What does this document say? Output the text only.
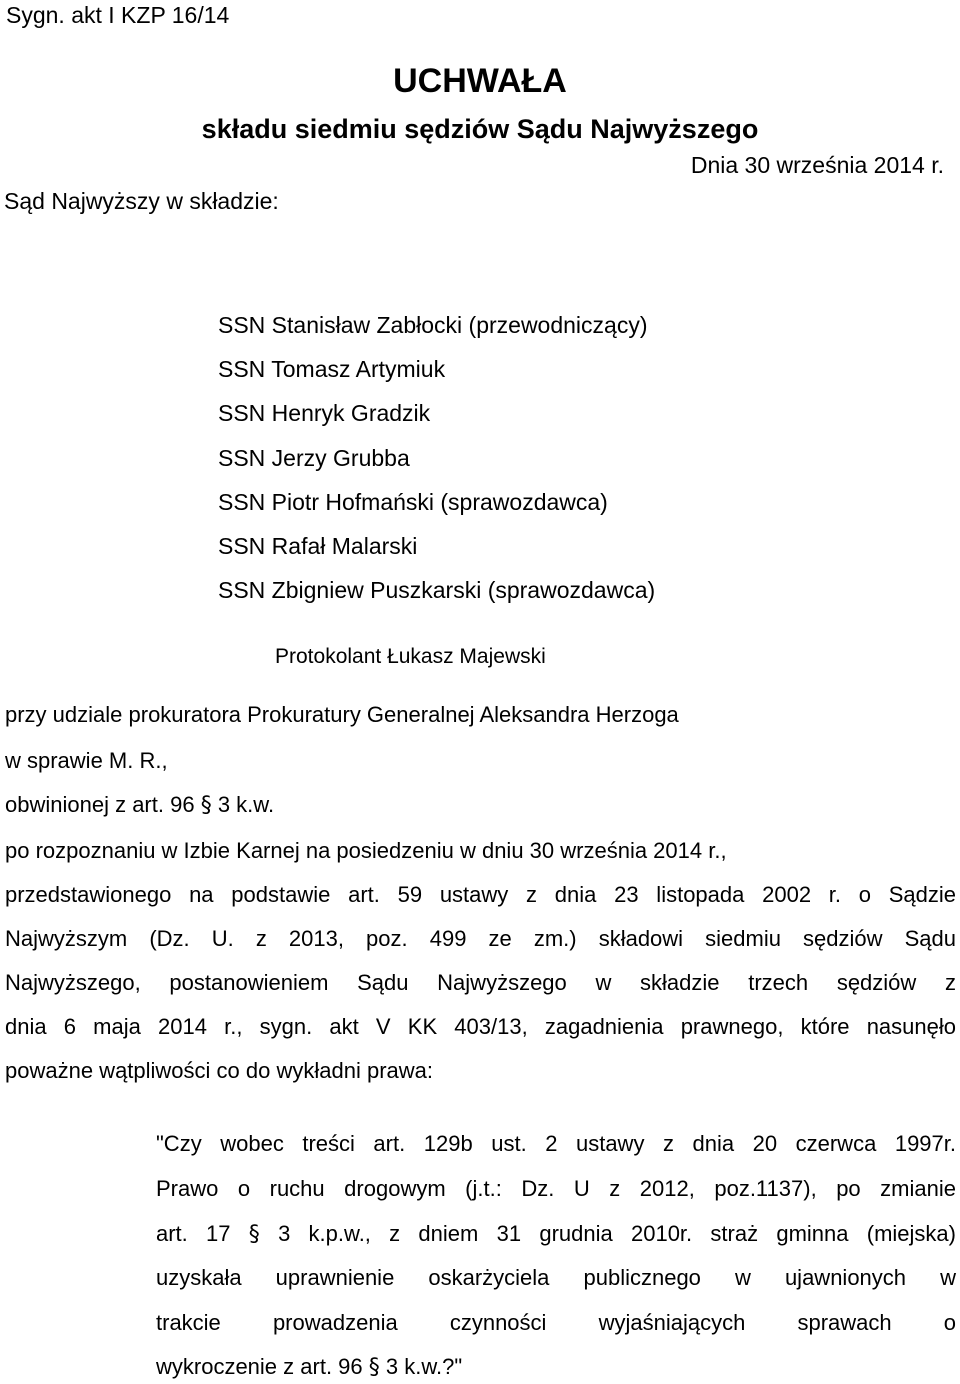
Sygn. akt I KZP 16/14
UCHWAŁA
składu siedmiu sędziów Sądu Najwyższego
Dnia 30 września 2014 r.
Sąd Najwyższy w składzie:
SSN Stanisław Zabłocki (przewodniczący)
SSN Tomasz Artymiuk
SSN Henryk Gradzik
SSN Jerzy Grubba
SSN Piotr Hofmański (sprawozdawca)
SSN Rafał Malarski
SSN Zbigniew Puszkarski (sprawozdawca)
Protokolant Łukasz Majewski
przy udziale prokuratora Prokuratury Generalnej Aleksandra Herzoga
w sprawie M. R.,
obwinionej z art. 96 § 3 k.w.
po rozpoznaniu w Izbie Karnej na posiedzeniu w dniu 30 września 2014 r.,
przedstawionego na podstawie art. 59 ustawy z dnia 23 listopada 2002 r. o Sądzie
Najwyższym (Dz. U. z 2013, poz. 499 ze zm.) składowi siedmiu sędziów Sądu
Najwyższego, postanowieniem Sądu Najwyższego w składzie trzech sędziów z
dnia 6 maja 2014 r., sygn. akt V KK 403/13, zagadnienia prawnego, które nasunęło
poważne wątpliwości co do wykładni prawa:
"Czy wobec treści art. 129b ust. 2 ustawy z dnia 20 czerwca 1997r.
Prawo o ruchu drogowym (j.t.: Dz. U z 2012, poz.1137), po zmianie
art. 17 § 3 k.p.w., z dniem 31 grudnia 2010r. straż gminna (miejska)
uzyskała uprawnienie oskarżyciela publicznego w ujawnionych w
trakcie prowadzenia czynności wyjaśniających sprawach o
wykroczenie z art. 96 § 3 k.w.?"
